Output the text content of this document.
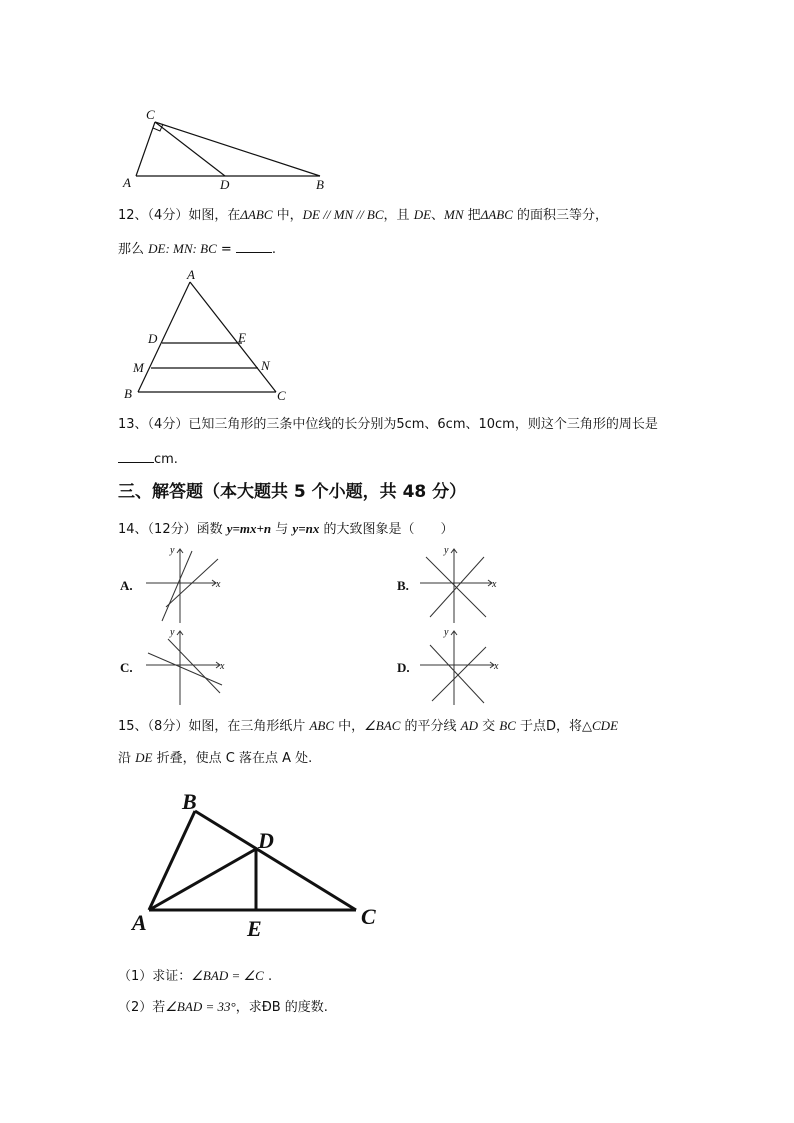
C
A	D	B
12、（4分）如图，在ΔABC 中，DE // MN // BC，且 DE、MN 把ΔABC 的面积三等分，
那么 DE: MN: BC =	.
A
D	E
M	N
B	C
13、（4分）已知三角形的三条中位线的长分别为5cm、6cm、10cm，则这个三角形的周长是
cm.
三、解答题（本大题共 5 个小题，共 48 分）
14、（12分）函数 y=mx+n 与 y=nx 的大致图象是（　　）
A.	x
y
B.	x
y
C.	x
y
D.	x
y
15、（8分）如图，在三角形纸片 ABC 中，∠BAC 的平分线 AD 交 BC 于点D，将△CDE
沿 DE 折叠，使点 C 落在点 A 处.
B
D
A	E	C
（1）求证：∠BAD = ∠C .
（2）若∠BAD = 33°，求ÐB 的度数.
